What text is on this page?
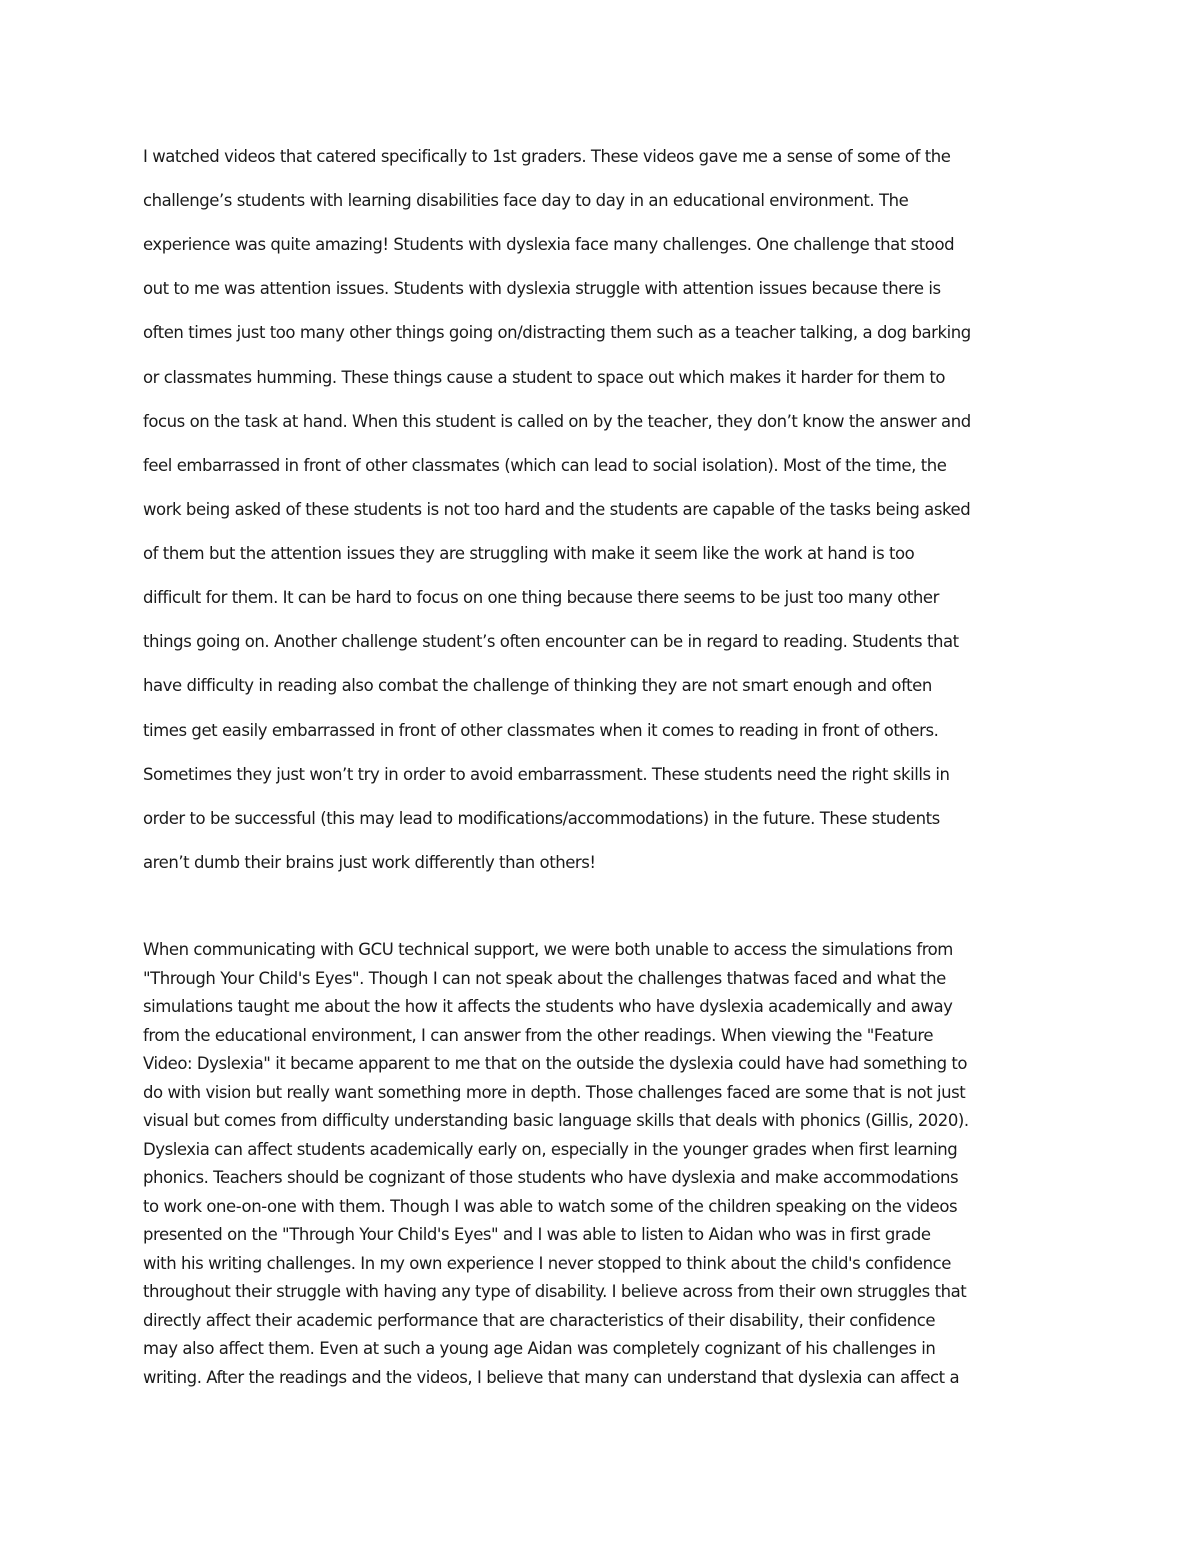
I watched videos that catered specifically to 1st graders. These videos gave me a sense of some of the
challenge’s students with learning disabilities face day to day in an educational environment. The
experience was quite amazing! Students with dyslexia face many challenges. One challenge that stood
out to me was attention issues. Students with dyslexia struggle with attention issues because there is
often times just too many other things going on/distracting them such as a teacher talking, a dog barking
or classmates humming. These things cause a student to space out which makes it harder for them to
focus on the task at hand. When this student is called on by the teacher, they don’t know the answer and
feel embarrassed in front of other classmates (which can lead to social isolation). Most of the time, the
work being asked of these students is not too hard and the students are capable of the tasks being asked
of them but the attention issues they are struggling with make it seem like the work at hand is too
difficult for them. It can be hard to focus on one thing because there seems to be just too many other
things going on. Another challenge student’s often encounter can be in regard to reading. Students that
have difficulty in reading also combat the challenge of thinking they are not smart enough and often
times get easily embarrassed in front of other classmates when it comes to reading in front of others.
Sometimes they just won’t try in order to avoid embarrassment. These students need the right skills in
order to be successful (this may lead to modifications/accommodations) in the future. These students
aren’t dumb their brains just work differently than others!
When communicating with GCU technical support, we were both unable to access the simulations from
"Through Your Child's Eyes". Though I can not speak about the challenges thatwas faced and what the
simulations taught me about the how it affects the students who have dyslexia academically and away
from the educational environment, I can answer from the other readings. When viewing the "Feature
Video: Dyslexia" it became apparent to me that on the outside the dyslexia could have had something to
do with vision but really want something more in depth. Those challenges faced are some that is not just
visual but comes from difficulty understanding basic language skills that deals with phonics (Gillis, 2020).
Dyslexia can affect students academically early on, especially in the younger grades when first learning
phonics. Teachers should be cognizant of those students who have dyslexia and make accommodations
to work one-on-one with them. Though I was able to watch some of the children speaking on the videos
presented on the "Through Your Child's Eyes" and I was able to listen to Aidan who was in first grade
with his writing challenges. In my own experience I never stopped to think about the child's confidence
throughout their struggle with having any type of disability. I believe across from their own struggles that
directly affect their academic performance that are characteristics of their disability, their confidence
may also affect them. Even at such a young age Aidan was completely cognizant of his challenges in
writing. After the readings and the videos, I believe that many can understand that dyslexia can affect a
